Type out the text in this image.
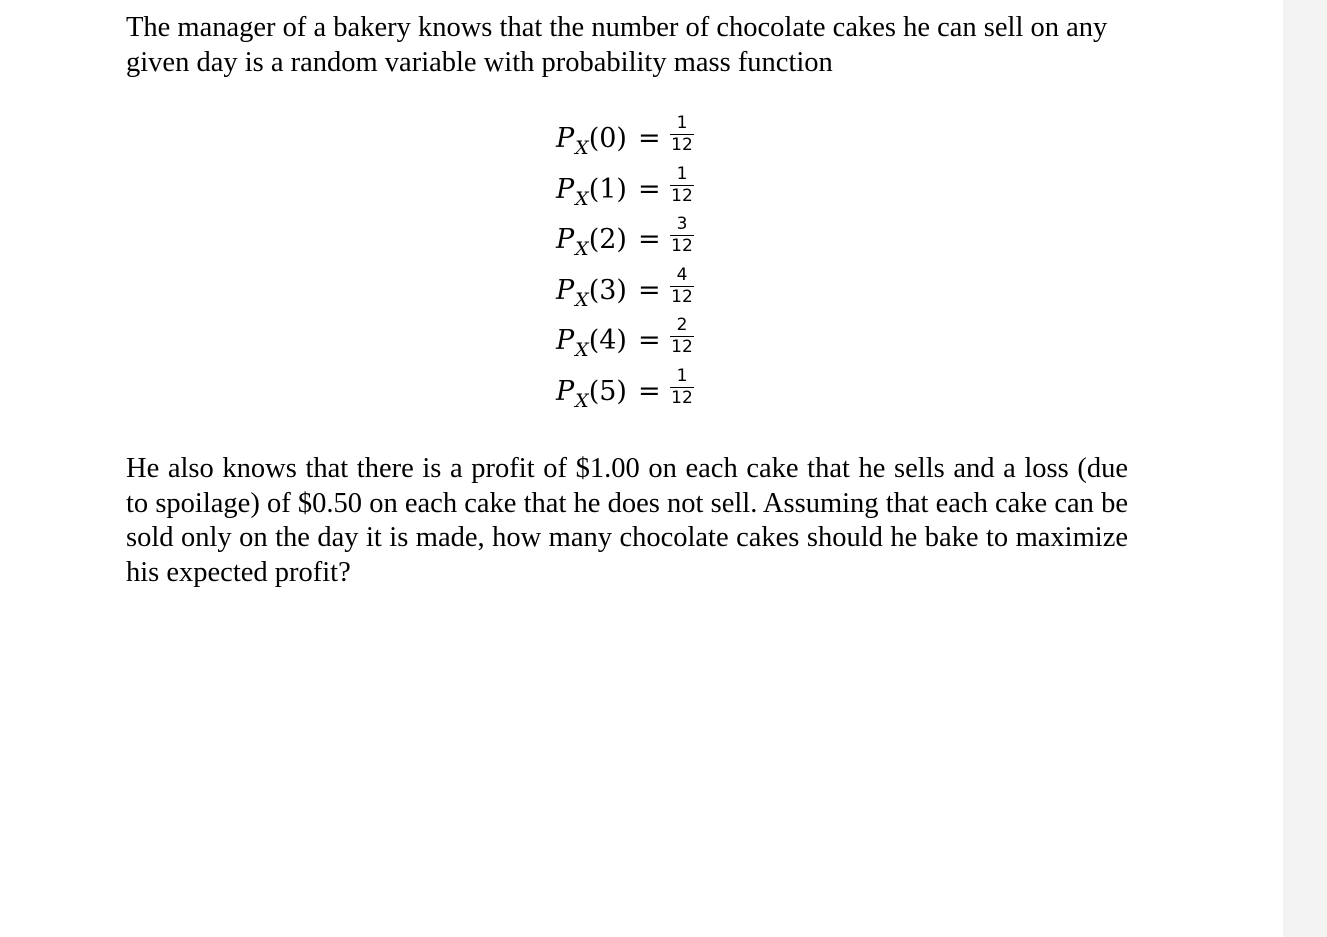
The manager of a bakery knows that the number of chocolate cakes he can sell on any given day is a random variable with probability mass function

$P_X(0) = 1$
12
$P_X(1) = 1$
12
$P_X(2) = 3$
12
$P_X(3) = 4$
12
$P_X(4) = 2$
12
$P_X(5) = 1$
12

He also knows that there is a profit of $1.00 on each cake that he sells and a loss (due to spoilage) of $0.50 on each cake that he does not sell. Assuming that each cake can be sold only on the day it is made, how many chocolate cakes should he bake to maximize his expected profit?
